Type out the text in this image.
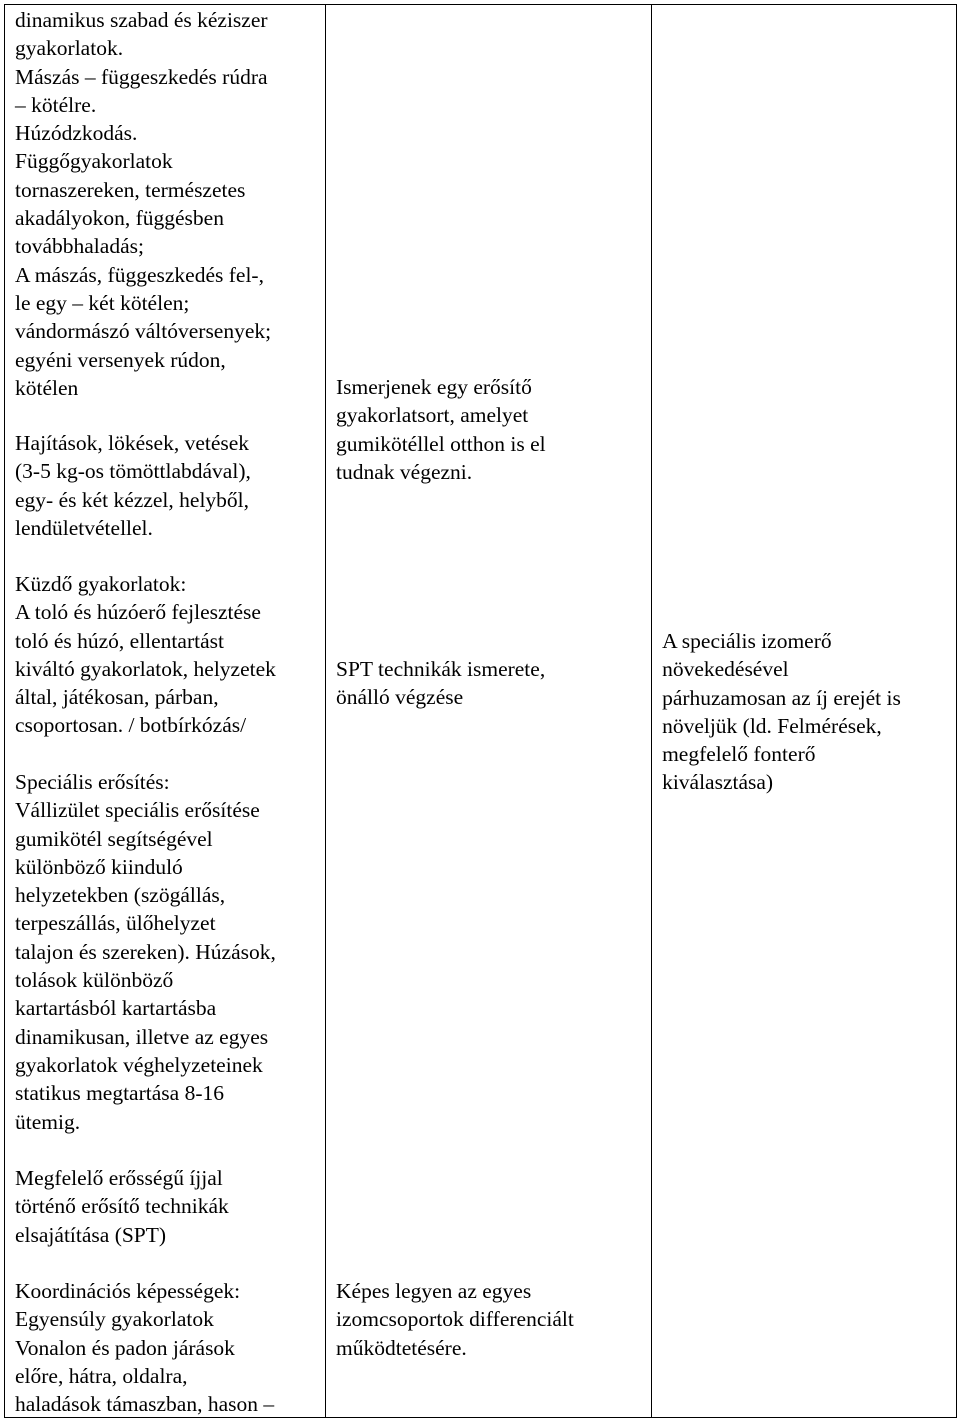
dinamikus szabad és kéziszer
gyakorlatok.
Mászás – függeszkedés rúdra
– kötélre.
Húzódzkodás.
Függőgyakorlatok
tornaszereken, természetes
akadályokon, függésben
továbbhaladás;
A mászás, függeszkedés fel-,
le egy – két kötélen;
vándormászó váltóversenyek;
egyéni versenyek rúdon,
kötélen
Hajítások, lökések, vetések
(3-5 kg-os tömöttlabdával),
egy- és két kézzel, helyből,
lendületvétellel.
Küzdő gyakorlatok:
A toló és húzóerő fejlesztése
toló és húzó, ellentartást
kiváltó gyakorlatok, helyzetek
által, játékosan, párban,
csoportosan. / botbírkózás/
Speciális erősítés:
Vállizület speciális erősítése
gumikötél segítségével
különböző kiinduló
helyzetekben (szögállás,
terpeszállás, ülőhelyzet
talajon és szereken). Húzások,
tolások különböző
kartartásból kartartásba
dinamikusan, illetve az egyes
gyakorlatok véghelyzeteinek
statikus megtartása 8-16
ütemig.
Megfelelő erősségű íjjal
történő erősítő technikák
elsajátítása (SPT)
Koordinációs képességek:
Egyensúly gyakorlatok
Vonalon és padon járások
előre, hátra, oldalra,
haladások támaszban, hason –

Ismerjenek egy erősítő
gyakorlatsort, amelyet
gumikötéllel otthon is el
tudnak végezni.
SPT technikák ismerete,
önálló végzése
Képes legyen az egyes
izomcsoportok differenciált
működtetésére.

A speciális izomerő
növekedésével
párhuzamosan az íj erejét is
növeljük (ld. Felmérések,
megfelelő fonterő
kiválasztása)
